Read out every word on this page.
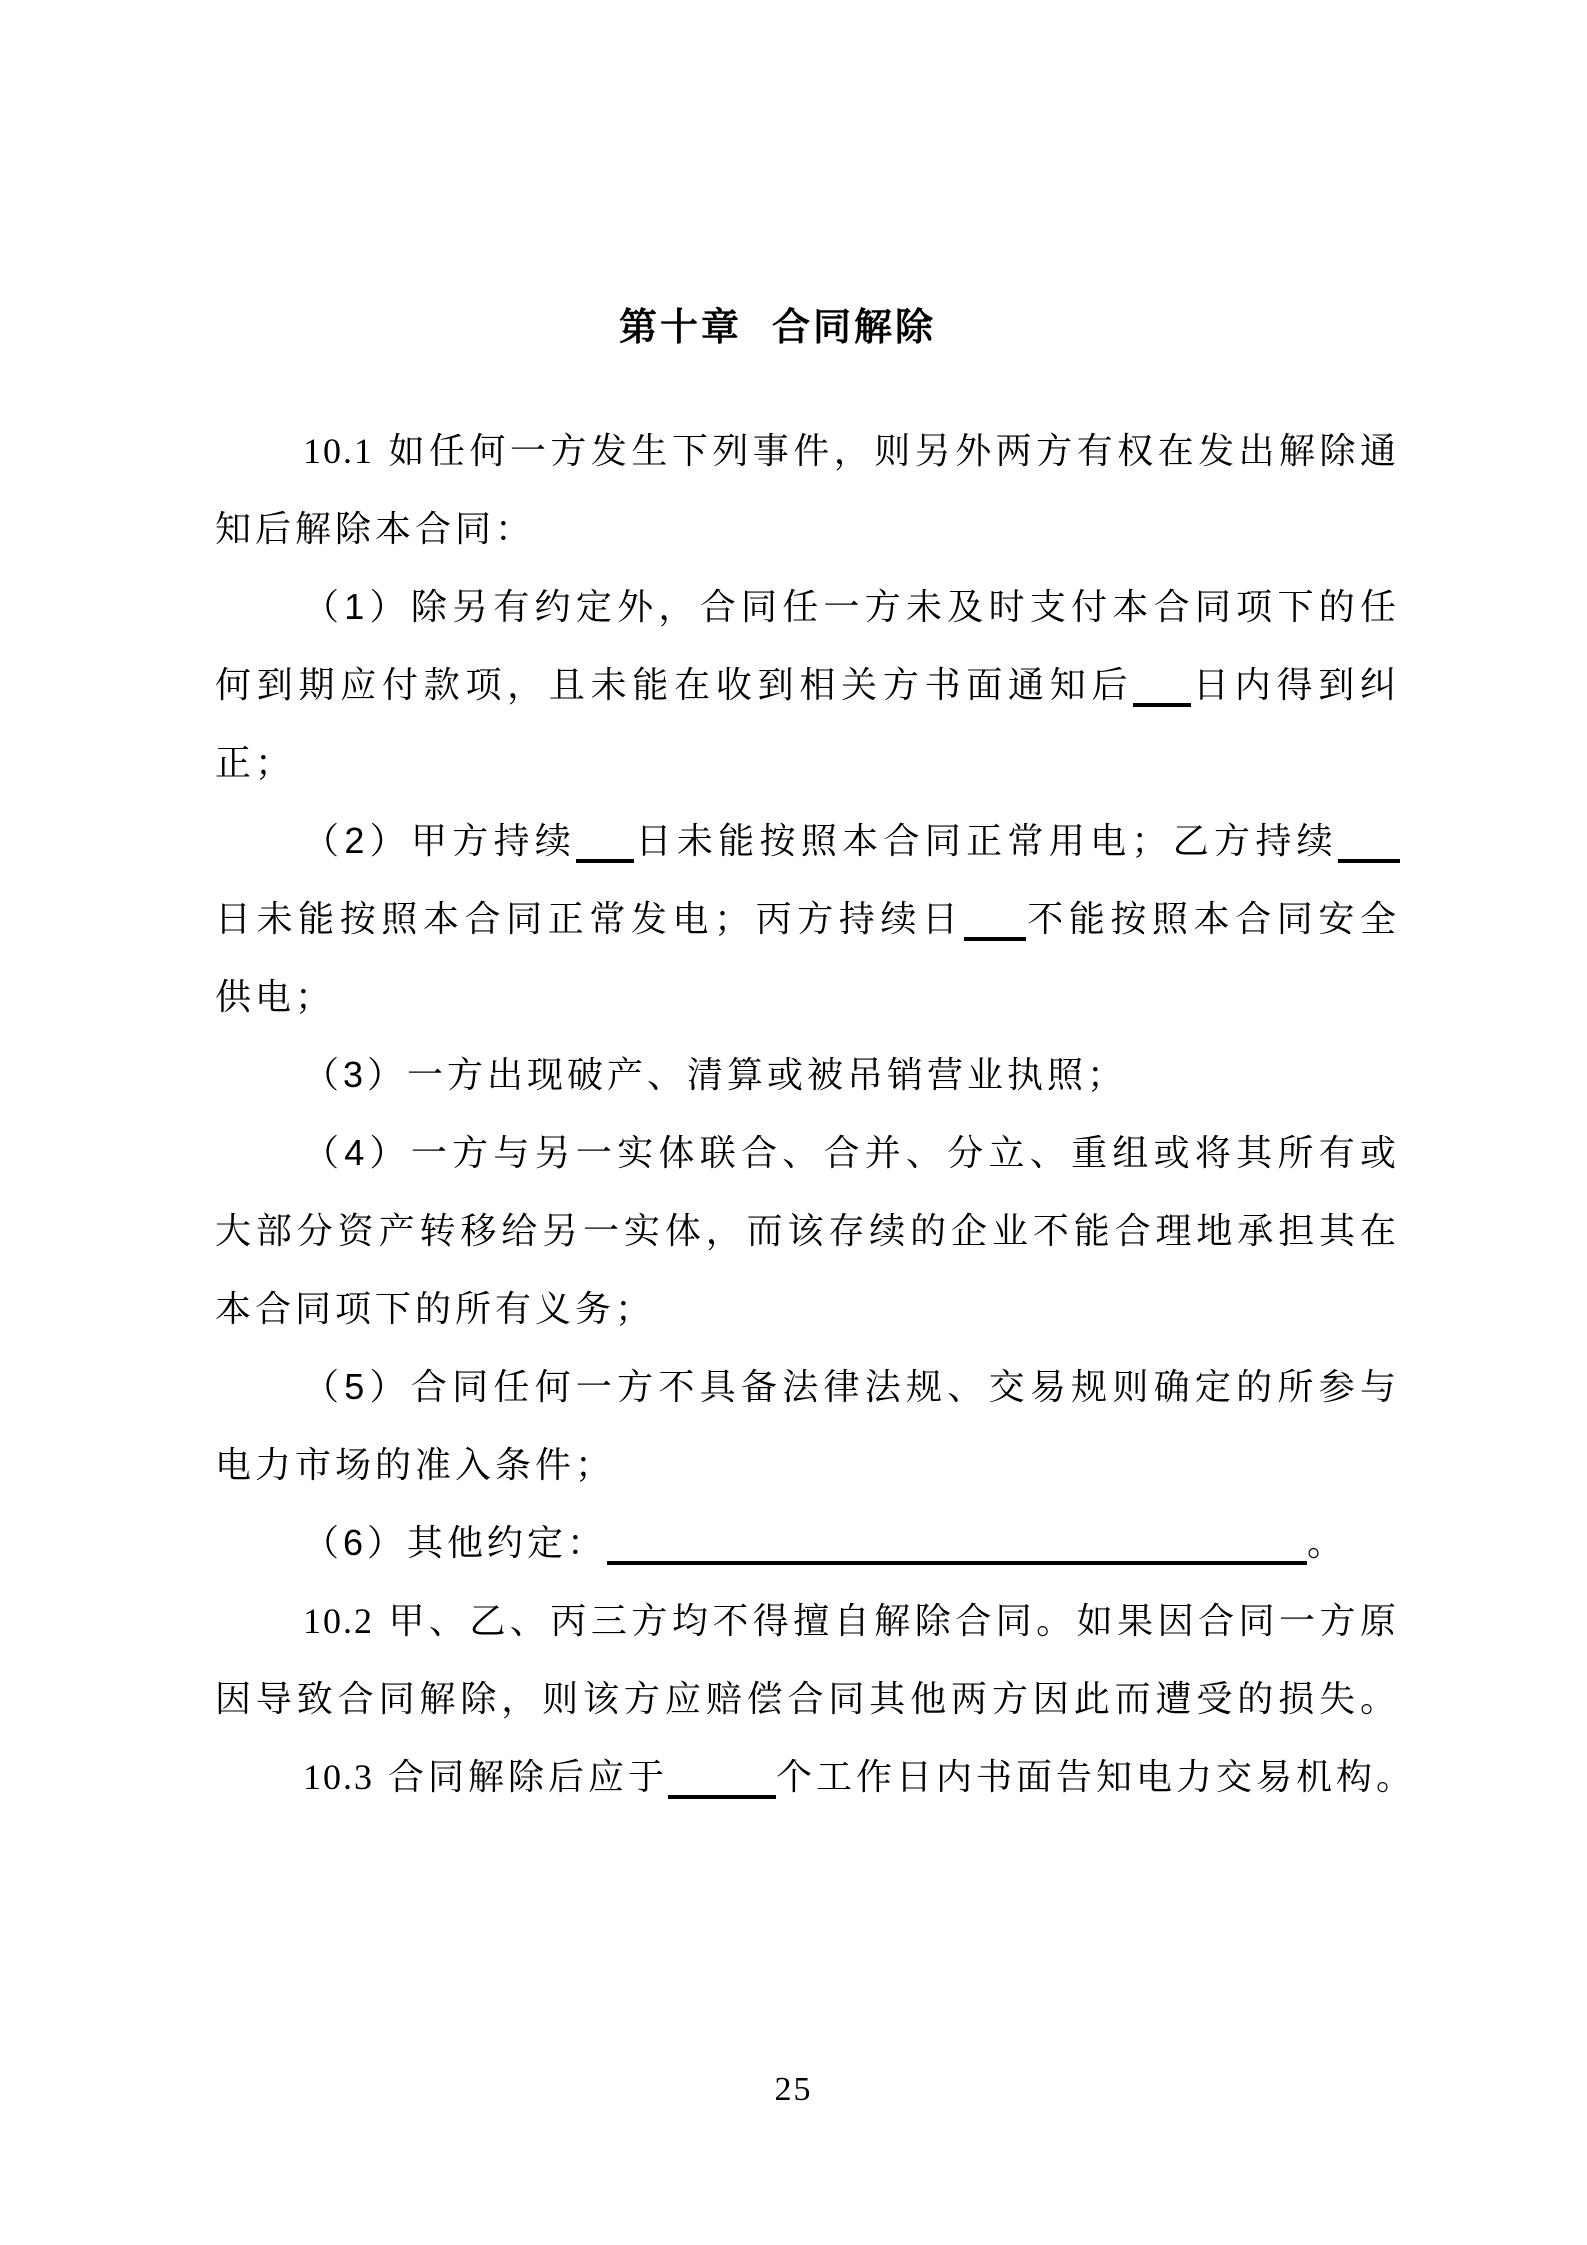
第十章 合同解除
10.1 如任何一方发生下列事件，则另外两方有权在发出解除通
知后解除本合同：
（1）除另有约定外，合同任一方未及时支付本合同项下的任
何到期应付款项，且未能在收到相关方书面通知后 日内得到纠
正；
（2）甲方持续 日未能按照本合同正常用电；乙方持续
日未能按照本合同正常发电；丙方持续日 不能按照本合同安全
供电；
（3）一方出现破产、清算或被吊销营业执照；
（4）一方与另一实体联合、合并、分立、重组或将其所有或
大部分资产转移给另一实体，而该存续的企业不能合理地承担其在
本合同项下的所有义务；
（5）合同任何一方不具备法律法规、交易规则确定的所参与
电力市场的准入条件；
（6）其他约定：	。
10.2 甲、乙、丙三方均不得擅自解除合同。如果因合同一方原
因导致合同解除，则该方应赔偿合同其他两方因此而遭受的损失。
10.3 合同解除后应于	个工作日内书面告知电力交易机构。
25
